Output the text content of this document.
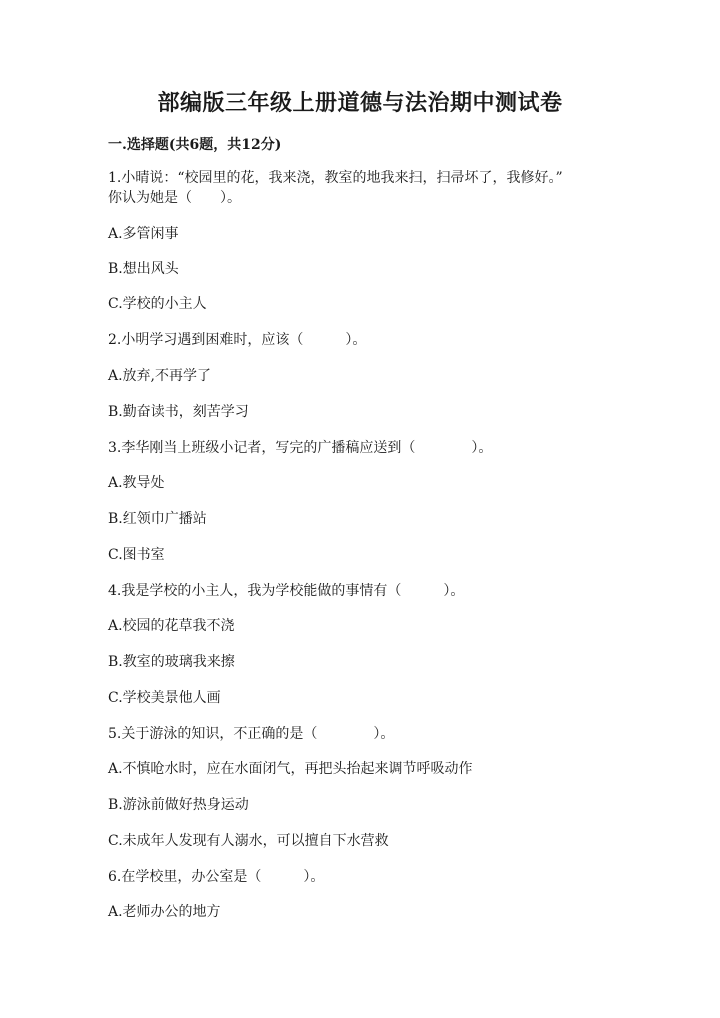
部编版三年级上册道德与法治期中测试卷
一.选择题(共6题，共12分)
1.小晴说：“校园里的花，我来浇，教室的地我来扫，扫帚坏了，我修好。”
你认为她是（　　）。
A.多管闲事
B.想出风头
C.学校的小主人
2.小明学习遇到困难时，应该（　　　）。
A.放弃,不再学了
B.勤奋读书，刻苦学习
3.李华刚当上班级小记者，写完的广播稿应送到（　　　　）。
A.教导处
B.红领巾广播站
C.图书室
4.我是学校的小主人，我为学校能做的事情有（　　　）。
A.校园的花草我不浇
B.教室的玻璃我来擦
C.学校美景他人画
5.关于游泳的知识，不正确的是（　　　　）。
A.不慎呛水时，应在水面闭气，再把头抬起来调节呼吸动作
B.游泳前做好热身运动
C.未成年人发现有人溺水，可以擅自下水营救
6.在学校里，办公室是（　　　）。
A.老师办公的地方
